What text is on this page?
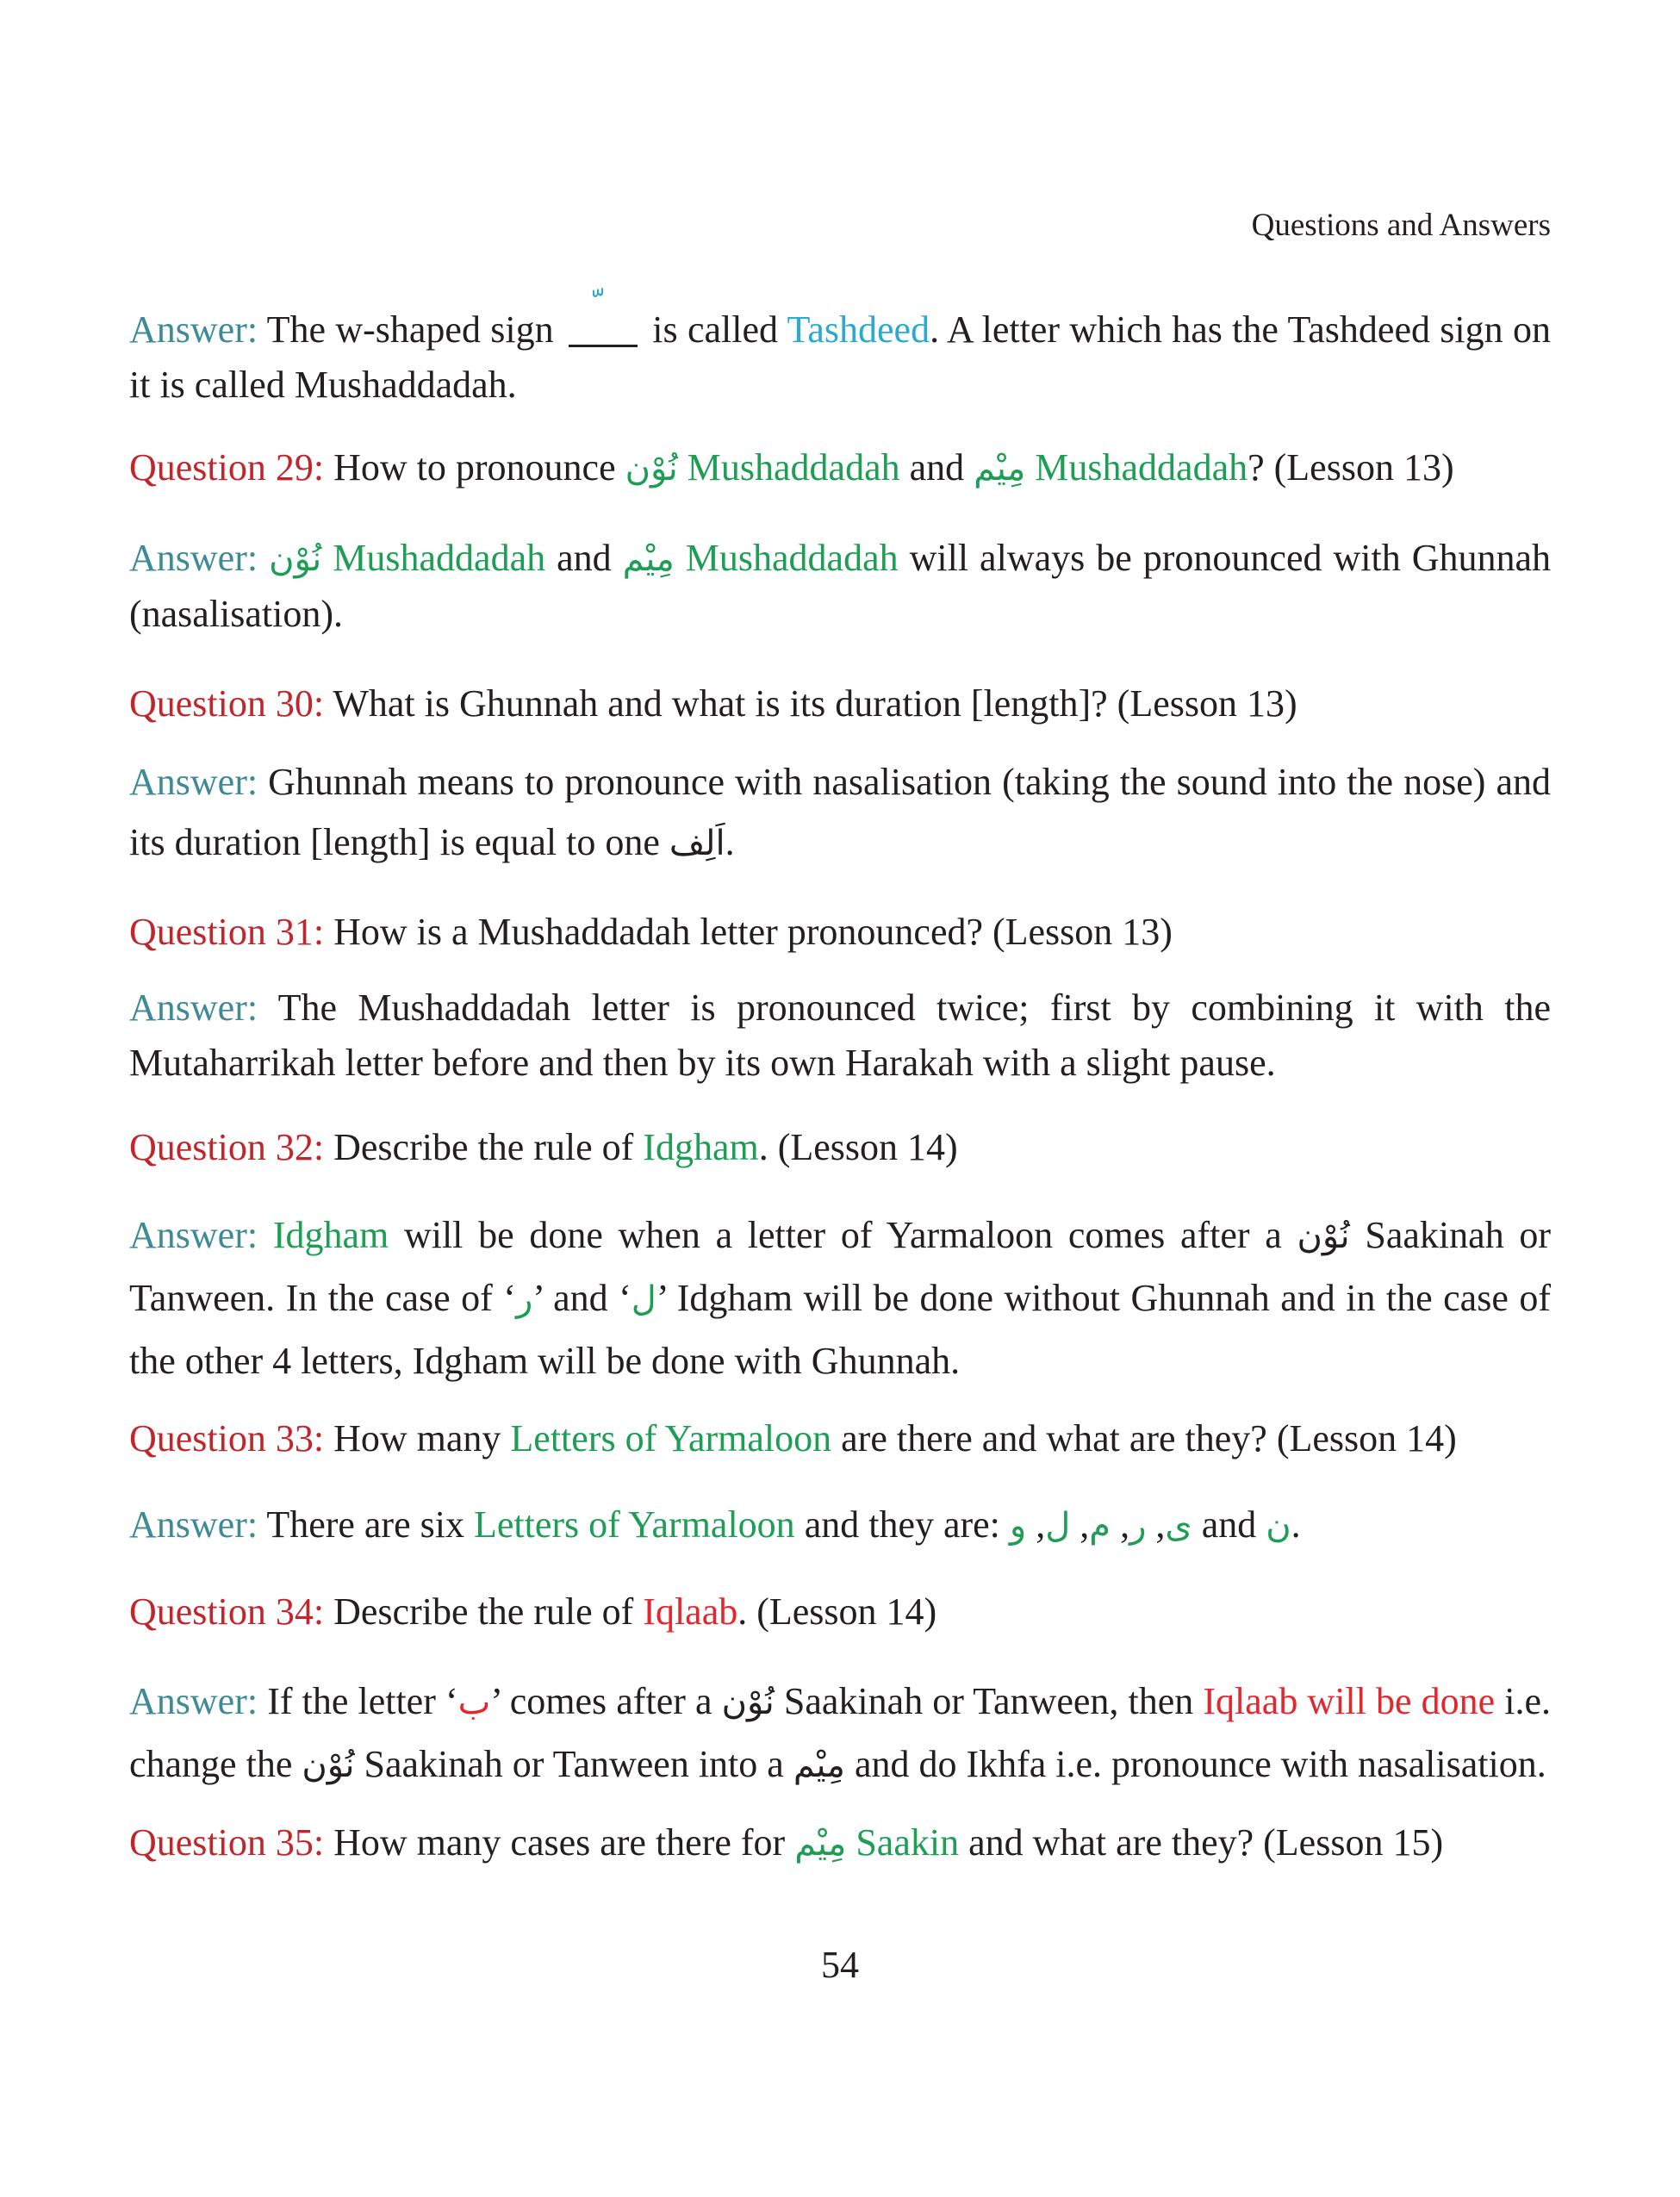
Questions and Answers

Answer: The w-shaped sign	is called Tashdeed. A letter which has the Tashdeed sign on it is called Mushaddadah.

Question 29: How to pronounce نُوْن Mushaddadah and مِيْم Mushaddadah? (Lesson 13)

Answer: نُوْن Mushaddadah and مِيْم Mushaddadah will always be pronounced with Ghunnah (nasalisation).

Question 30: What is Ghunnah and what is its duration [length]? (Lesson 13)

Answer: Ghunnah means to pronounce with nasalisation (taking the sound into the nose) and its duration [length] is equal to one اَلِف.

Question 31: How is a Mushaddadah letter pronounced? (Lesson 13)

Answer: The Mushaddadah letter is pronounced twice; first by combining it with the Mutaharrikah letter before and then by its own Harakah with a slight pause.

Question 32: Describe the rule of Idgham. (Lesson 14)

Answer: Idgham will be done when a letter of Yarmaloon comes after a نُوْن Saakinah or Tanween. In the case of ‘ر’ and ‘ل’ Idgham will be done without Ghunnah and in the case of the other 4 letters, Idgham will be done with Ghunnah.

Question 33: How many Letters of Yarmaloon are there and what are they? (Lesson 14)

Answer: There are six Letters of Yarmaloon and they are:	ی, ر, م, ل, و	and ن.

Question 34: Describe the rule of Iqlaab. (Lesson 14)

Answer: If the letter ‘ب’ comes after a نُوْن Saakinah or Tanween, then Iqlaab will be done i.e. change the نُوْن Saakinah or Tanween into a مِيْم and do Ikhfa i.e. pronounce with nasalisation.

Question 35: How many cases are there for مِيْم Saakin and what are they? (Lesson 15)

54
